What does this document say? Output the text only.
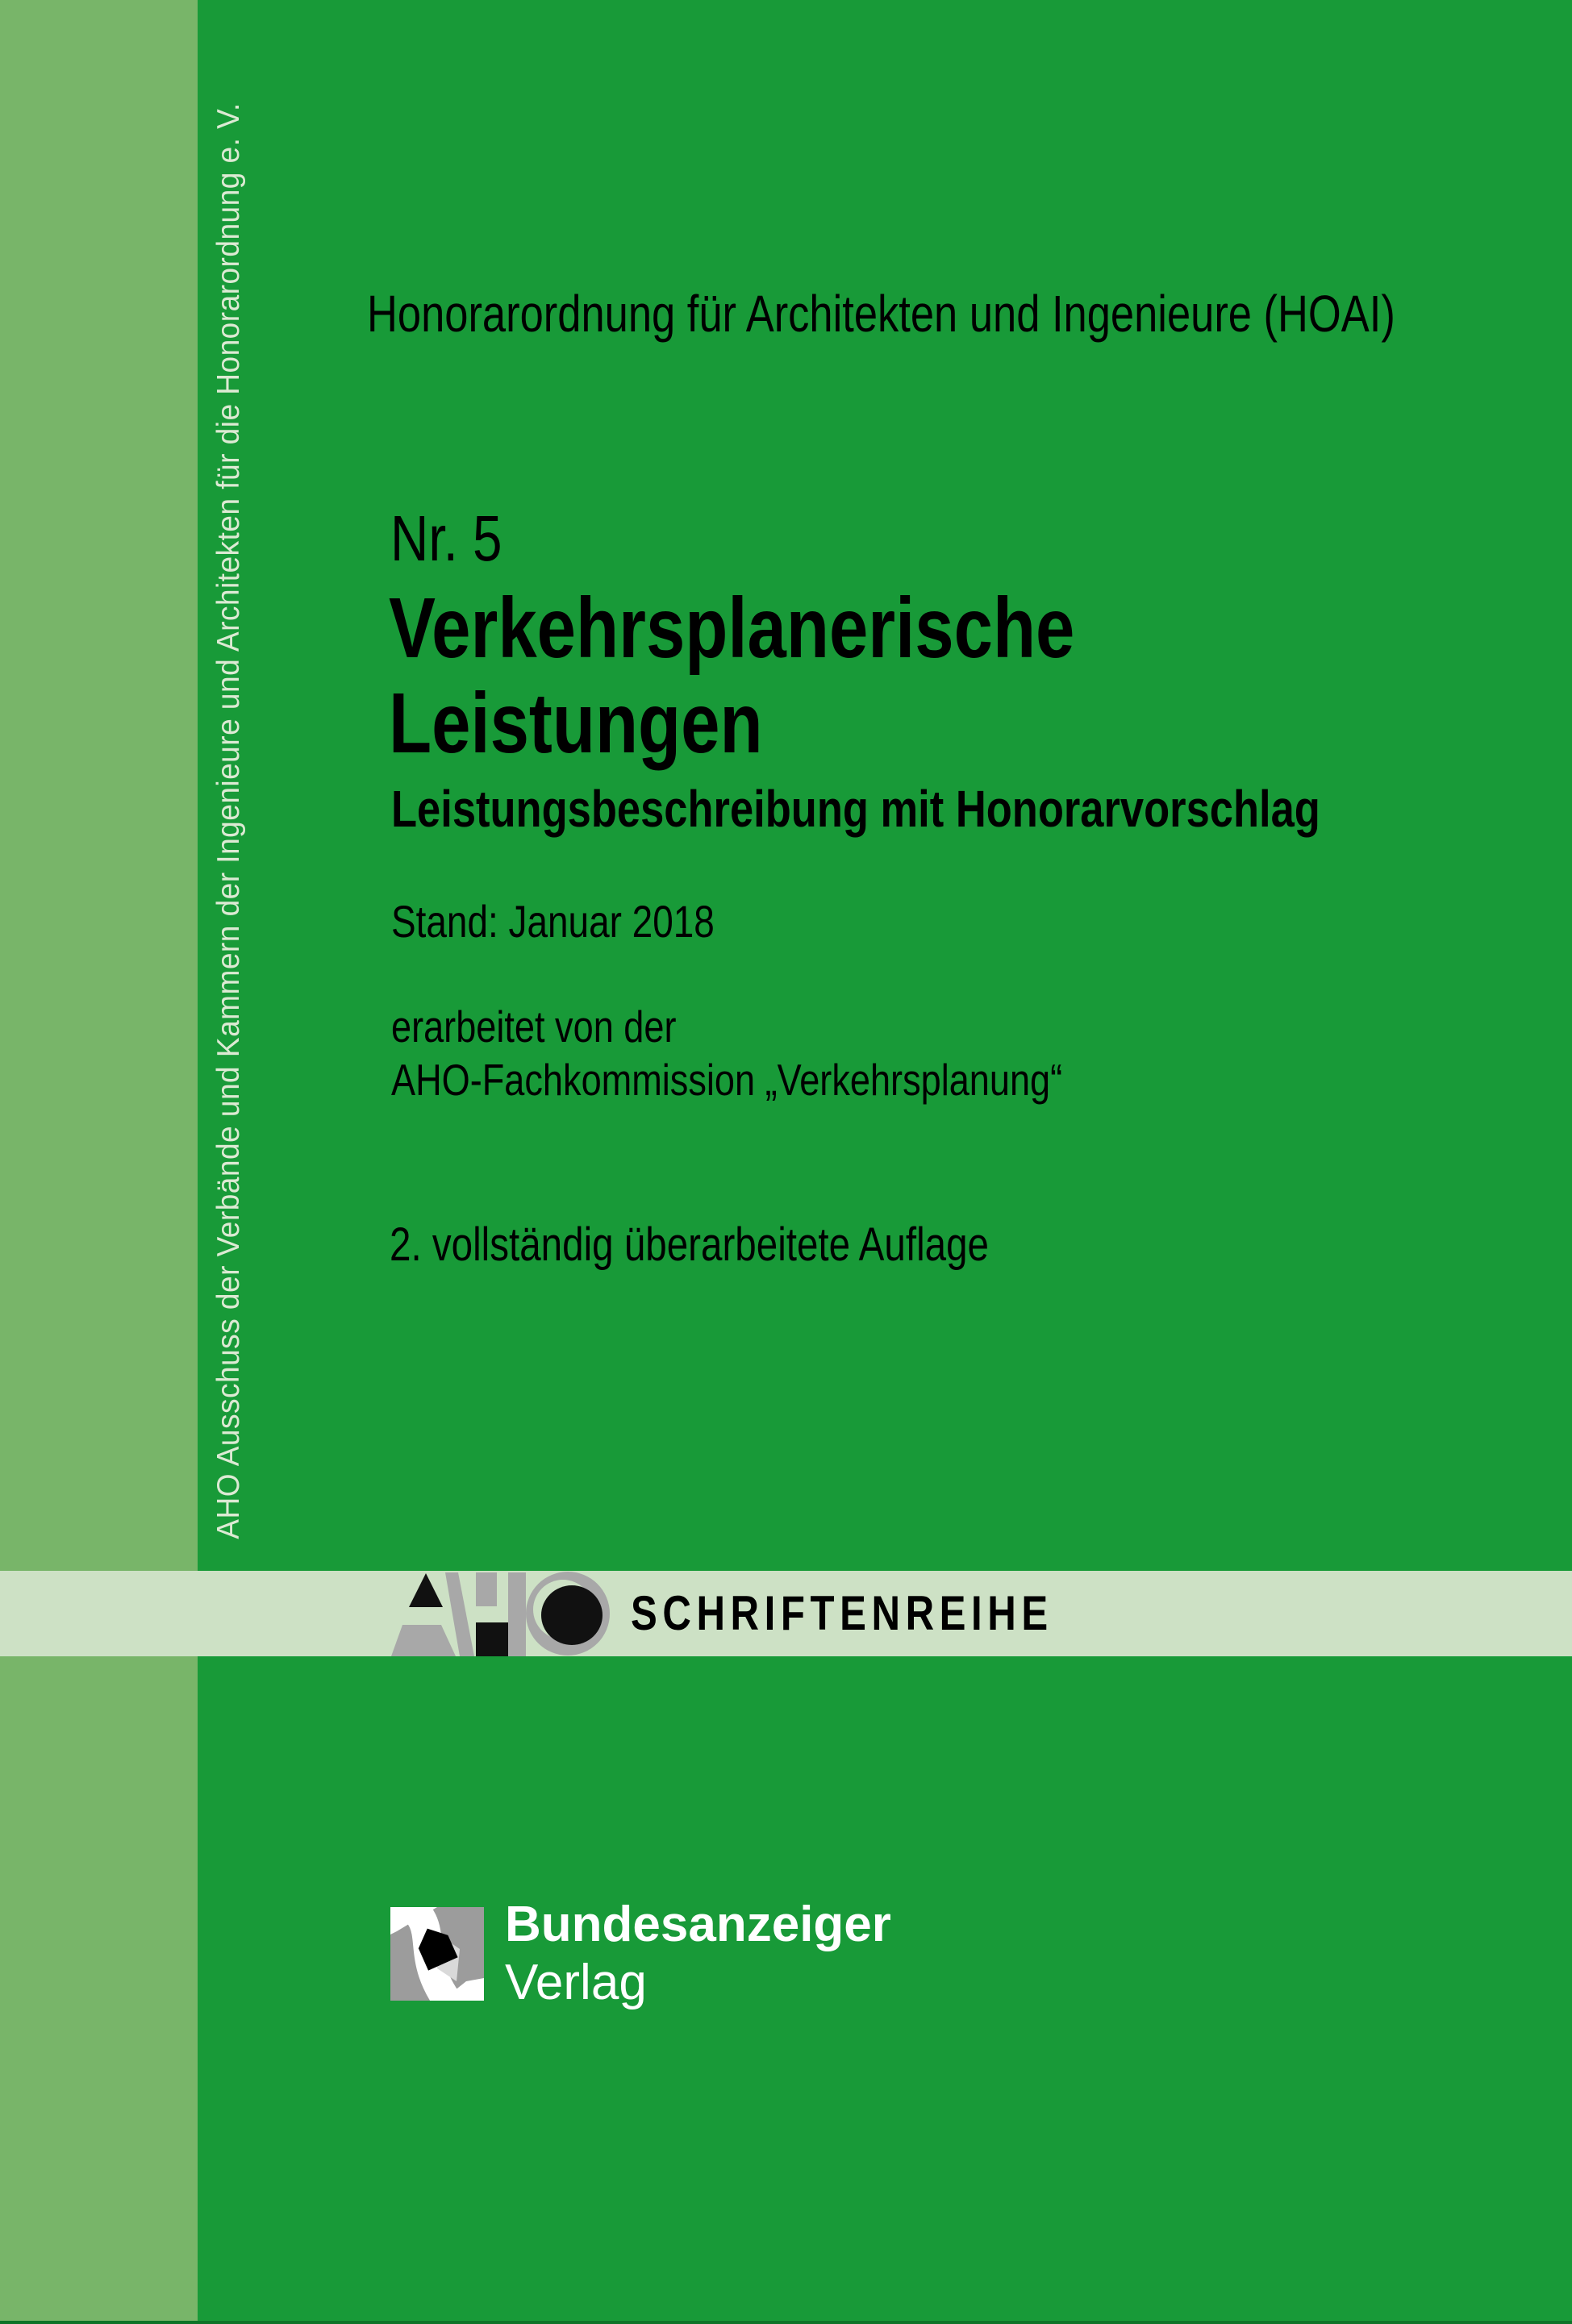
AHO Ausschuss der Verbände und Kammern der Ingenieure und Architekten für die Honorarordnung e. V. Honorarordnung für Architekten und Ingenieure (HOAI)
Nr. 5
Verkehrsplanerische
Leistungen
Leistungsbeschreibung mit Honorarvorschlag
Stand: Januar 2018
erarbeitet von der
AHO-Fachkommission „Verkehrsplanung“
2. vollständig überarbeitete Auflage
SCHRIFTENREIHE
Bundesanzeiger
Verlag
